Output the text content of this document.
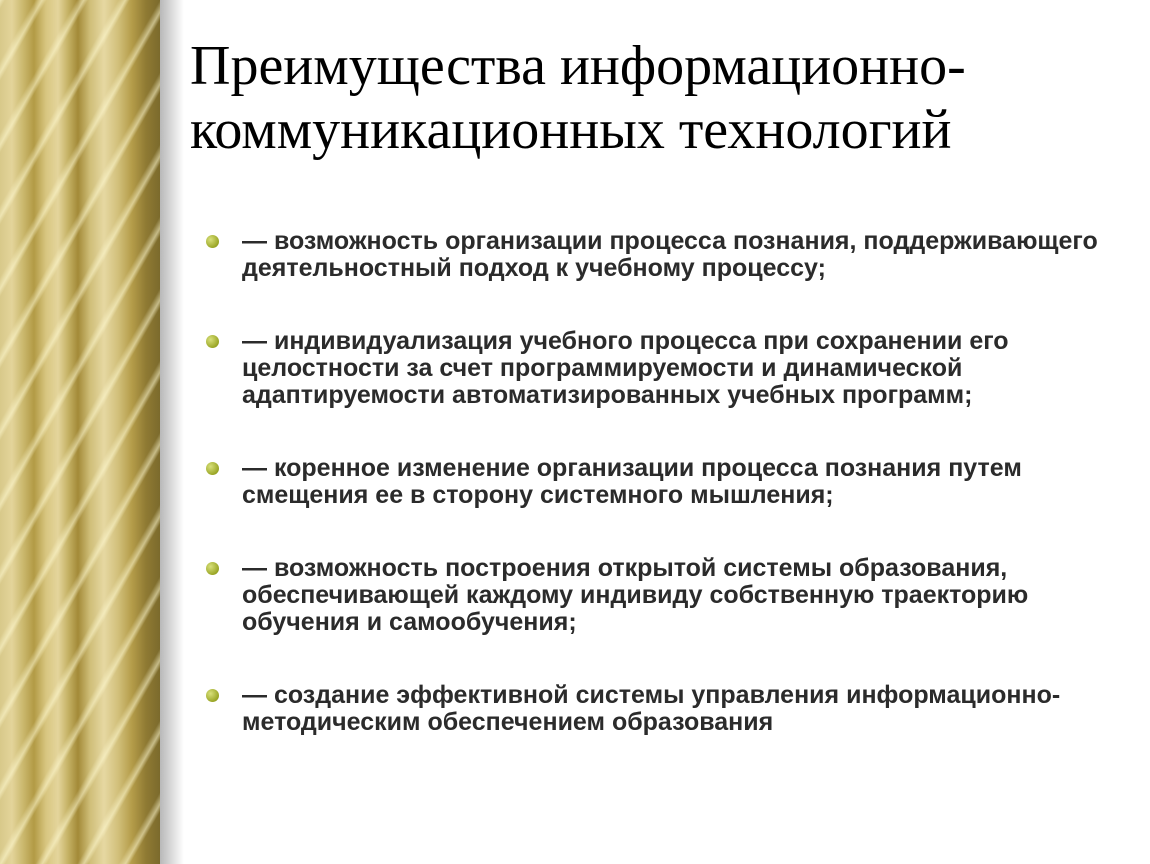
Преимущества информационно-коммуникационных технологий
— возможность организации процесса познания, поддерживающего деятельностный подход к учебному процессу;
— индивидуализация учебного процесса при сохранении его целостности за счет программируемости и динамической адаптируемости автоматизированных учебных программ;
— коренное изменение организации процесса познания путем смещения ее в сторону системного мышления;
— возможность построения открытой системы образования, обеспечивающей каждому индивиду собственную траекторию обучения и самообучения;
— создание эффективной системы управления информационно-методическим обеспечением образования
